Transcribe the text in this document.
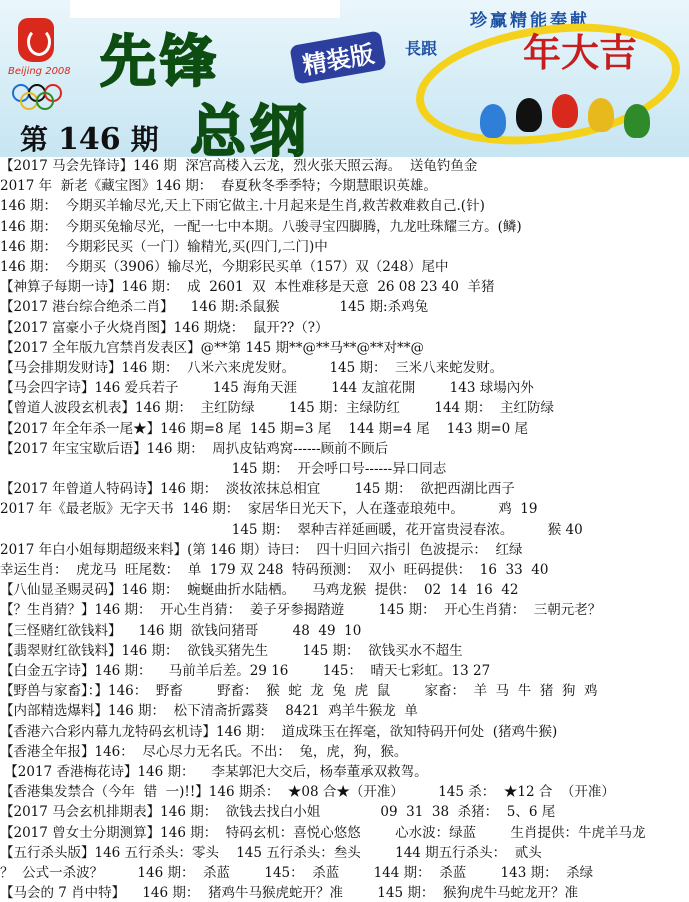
珍赢精能奉献
Beijing 2008 先锋	精装版
总纲
第 146 期
長跟 年大吉
【2017 马会先锋诗】146 期  深宫高楼入云龙，烈火张天照云海。  送龟钓鱼金
2017 年  新老《藏宝图》146 期：  春夏秋冬季季特；今期慧眼识英雄。
146 期：  今期买羊输尽光,天上下雨它做主.十月起来是生肖,救苦救难救自己.(针)
146 期：  今期买兔输尽光，一配一七中本期。八骏寻宝四脚腾，九龙吐珠耀三方。(鳞)
146 期：  今期彩民买（一门）输精光,买(四门,二门)中
146 期：  今期买（3906）输尽光，今期彩民买单（157）双（248）尾中
【神算子每期一诗】146 期：  成  2601  双  本性难移是天意  26 08 23 40  羊猪
【2017 港台综合绝杀二肖】    146 期:杀鼠猴              145 期:杀鸡兔
【2017 富豪小子火烧肖图】146 期烧：  鼠开??（?）
【2017 全年版九宫禁肖发表区】@**第 145 期**@**马**@**对**@
【马会排期发财诗】146 期：  八米六来虎发财。        145 期：  三米八来蛇发财。
【马会四字诗】146 爱兵若子        145 海角天涯        144 友誼花開        143 球場內外
【曾道人波段玄机表】146 期：  主红防绿        145 期：主绿防红        144 期：  主红防绿
【2017 年全年杀一尾★】146 期=8 尾  145 期=3 尾    144 期=4 尾    143 期=0 尾
【2017 年宝宝歇后语】146 期：  周扒皮钻鸡窝------顾前不顾后
145 期：  开会呼口号------异口同志
【2017 年曾道人特码诗】146 期：  淡妆浓抹总相宜        145 期：  欲把西湖比西子
2017 年《最老版》无字天书  146 期：  家居华日光天下，人在蓬壶琅苑中。        鸡  19
145 期：  翠种吉祥延画暖，花开富贵浸春浓。        猴 40
2017 年白小姐每期超级来料】(第 146 期）诗曰：  四十归回六指引  色波提示：  红绿
幸运生肖：  虎龙马  旺尾数：  单  179 双 248  特码预测：  双小  旺码提供：  16  33  40
【八仙显圣赐灵码】146 期：  蜿蜒曲折水陆栖。    马鸡龙猴  提供：  02  14  16  42
【？生肖猜？】146 期：  开心生肖猜：  姜子牙参揭踏遊        145 期：  开心生肖猜：  三朝元老？
【三怪赌红欲钱料】    146 期  欲钱问猪哥        48  49  10
【翡翠财红欲钱料】146 期：  欲钱买猪先生        145 期：  欲钱买水不超生
【白金五字诗】146 期：    马前羊后差。29 16        145：  晴天七彩虹。13 27
【野兽与家畜】：】146：  野畜        野畜：  猴  蛇  龙  兔  虎  鼠        家畜：  羊  马  牛  猪  狗  鸡
【内部精选爆料】146 期：  松下清斋折露葵    8421  鸡羊牛猴龙  单
【香港六合彩内幕九龙特码玄机诗】146 期：  道成珠玉在挥毫，欲知特码开何处  (猪鸡牛猴)
【香港全年报】146：  尽心尽力无名氏。不出：  兔，虎，狗，猴。
【2017 香港梅花诗】146 期：    李某郭汜大交后，杨奉董承双救驾。
【香港集发禁合（今年  错  一)!!】146 期杀：  ★08 合★（开准）        145 杀：  ★12 合  （开准）
【2017 马会玄机排期表】146 期：  欲钱去找白小姐              09  31  38  杀猪：  5、6 尾
【2017 曾女士分期测算】146 期：  特码玄机：喜悦心悠悠        心水波：绿蓝        生肖提供：牛虎羊马龙
【五行杀头版】146 五行杀头：零头    145 五行杀头：叁头        144 期五行杀头：  贰头
？  公式一杀波？        146 期：  杀蓝        145：  杀蓝        144 期：  杀蓝        143 期：  杀绿
【马会的 7 肖中特】    146 期：  猪鸡牛马猴虎蛇开？准        145 期：  猴狗虎牛马蛇龙开？准
